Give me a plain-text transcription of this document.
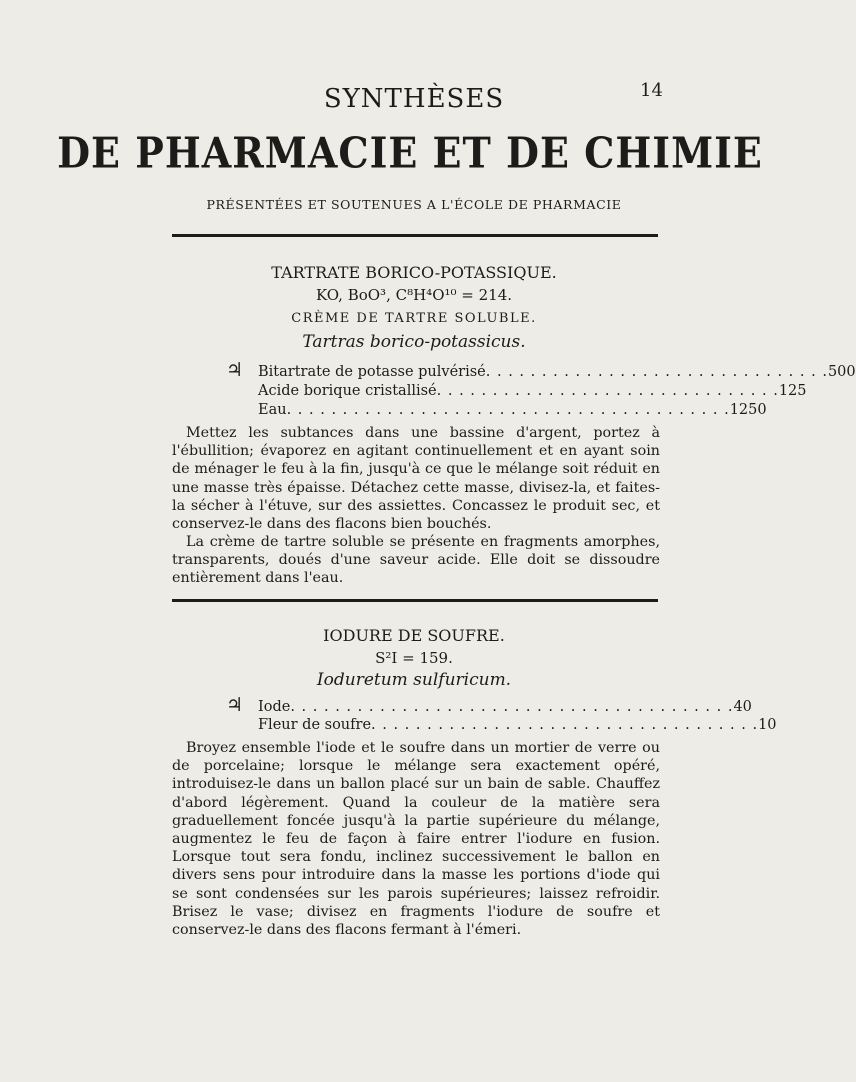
14
SYNTHÈSES
DE PHARMACIE ET DE CHIMIE
PRÉSENTÉES ET SOUTENUES A L'ÉCOLE DE PHARMACIE
TARTRATE BORICO-POTASSIQUE.
KO, BoO³, C⁸H⁴O¹⁰ = 214.
CRÈME DE TARTRE SOLUBLE.
Tartras borico-potassicus.
♃ Bitartrate de potasse pulvérisé . . . . . . . . . . . . . . . . . . . . . . . . . . . . . . . 500
Acide borique cristallisé . . . . . . . . . . . . . . . . . . . . . . . . . . . . . . . 125
Eau . . . . . . . . . . . . . . . . . . . . . . . . . . . . . . . . . . . . . . . . 1250
Mettez les subtances dans une bassine d'argent, portez à l'ébullition; évaporez en agitant continuellement et en ayant soin de ménager le feu à la fin, jusqu'à ce que le mélange soit réduit en une masse très épaisse. Détachez cette masse, divisez-la, et faites-la sécher à l'étuve, sur des assiettes. Concassez le produit sec, et conservez-le dans des flacons bien bouchés.
La crème de tartre soluble se présente en fragments amorphes, transparents, doués d'une saveur acide. Elle doit se dissoudre entièrement dans l'eau.
IODURE DE SOUFRE.
S²I = 159.
Ioduretum sulfuricum.
♃ Iode . . . . . . . . . . . . . . . . . . . . . . . . . . . . . . . . . . . . . . . . 40
Fleur de soufre . . . . . . . . . . . . . . . . . . . . . . . . . . . . . . . . . . . 10
Broyez ensemble l'iode et le soufre dans un mortier de verre ou de porcelaine; lorsque le mélange sera exactement opéré, introduisez-le dans un ballon placé sur un bain de sable. Chauffez d'abord légèrement. Quand la couleur de la matière sera graduellement foncée jusqu'à la partie supérieure du mélange, augmentez le feu de façon à faire entrer l'iodure en fusion. Lorsque tout sera fondu, inclinez successivement le ballon en divers sens pour introduire dans la masse les portions d'iode qui se sont condensées sur les parois supérieures; laissez refroidir. Brisez le vase; divisez en fragments l'iodure de soufre et conservez-le dans des flacons fermant à l'émeri.
